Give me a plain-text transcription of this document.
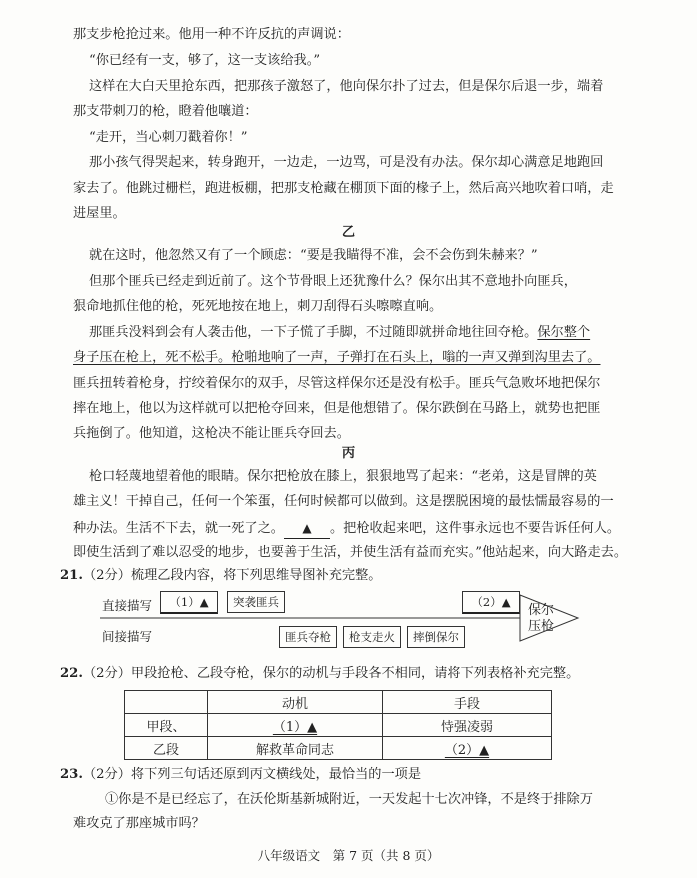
那支步枪抢过来。他用一种不许反抗的声调说：
“你已经有一支，够了，这一支该给我。”
这样在大白天里抢东西，把那孩子激怒了，他向保尔扑了过去，但是保尔后退一步，端着
那支带刺刀的枪，瞪着他嚷道：
“走开，当心刺刀戳着你！”
那小孩气得哭起来，转身跑开，一边走，一边骂，可是没有办法。保尔却心满意足地跑回
家去了。他跳过栅栏，跑进板棚，把那支枪藏在棚顶下面的椽子上，然后高兴地吹着口哨，走
进屋里。
乙
就在这时，他忽然又有了一个顾虑：“要是我瞄得不准，会不会伤到朱赫来？”
但那个匪兵已经走到近前了。这个节骨眼上还犹豫什么？保尔出其不意地扑向匪兵，
狠命地抓住他的枪，死死地按在地上，刺刀刮得石头嚓嚓直响。
那匪兵没料到会有人袭击他，一下子慌了手脚，不过随即就拼命地往回夺枪。保尔整个
身子压在枪上，死不松手。枪啪地响了一声，子弹打在石头上，嗡的一声又弹到沟里去了。
匪兵扭转着枪身，拧绞着保尔的双手，尽管这样保尔还是没有松手。匪兵气急败坏地把保尔
摔在地上，他以为这样就可以把枪夺回来，但是他想错了。保尔跌倒在马路上，就势也把匪
兵拖倒了。他知道，这枪决不能让匪兵夺回去。
丙
枪口轻蔑地望着他的眼睛。保尔把枪放在膝上，狠狠地骂了起来：“老弟，这是冒牌的英
雄主义！干掉自己，任何一个笨蛋，任何时候都可以做到。这是摆脱困境的最怯懦最容易的一
种办法。生活不下去，就一死了之。 ▲ 。把枪收起来吧，这件事永远也不要告诉任何人。
即使生活到了难以忍受的地步，也要善于生活，并使生活有益而充实。”他站起来，向大路走去。
21.（2分）梳理乙段内容，将下列思维导图补充完整。
直接描写
间接描写
（1）▲	突袭匪兵	（2）▲
匪兵夺枪	枪支走火	摔倒保尔
保尔
压枪
22.（2分）甲段抢枪、乙段夺枪，保尔的动机与手段各不相同，请将下列表格补充完整。
	动机	手段
甲段、	（1）▲	恃强凌弱
乙段	解救革命同志	（2）▲
23.（2分）将下列三句话还原到丙文横线处，最恰当的一项是
①你是不是已经忘了，在沃伦斯基新城附近，一天发起十七次冲锋，不是终于排除万
难攻克了那座城市吗？
八年级语文　第 7 页（共 8 页）
